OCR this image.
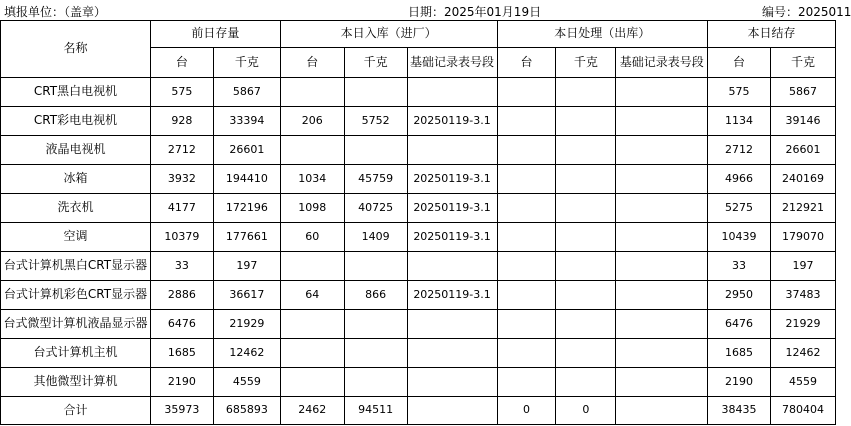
填报单位：（盖章）	日期：2025年01月19日	编号：2025011
名称	前日存量		本日入库（进厂）			本日处理（出库）			本日结存	
	台	千克	台	千克	基础记录表号段	台	千克	基础记录表号段	台	千克
CRT黑白电视机	575	5867							575	5867
CRT彩电电视机	928	33394	206	5752	20250119-3.1				1134	39146
液晶电视机	2712	26601							2712	26601
冰箱	3932	194410	1034	45759	20250119-3.1				4966	240169
洗衣机	4177	172196	1098	40725	20250119-3.1				5275	212921
空调	10379	177661	60	1409	20250119-3.1				10439	179070
台式计算机黑白CRT显示器	33	197							33	197
台式计算机彩色CRT显示器	2886	36617	64	866	20250119-3.1				2950	37483
台式微型计算机液晶显示器	6476	21929							6476	21929
台式计算机主机	1685	12462							1685	12462
其他微型计算机	2190	4559							2190	4559
合计	35973	685893	2462	94511		0	0		38435	780404
